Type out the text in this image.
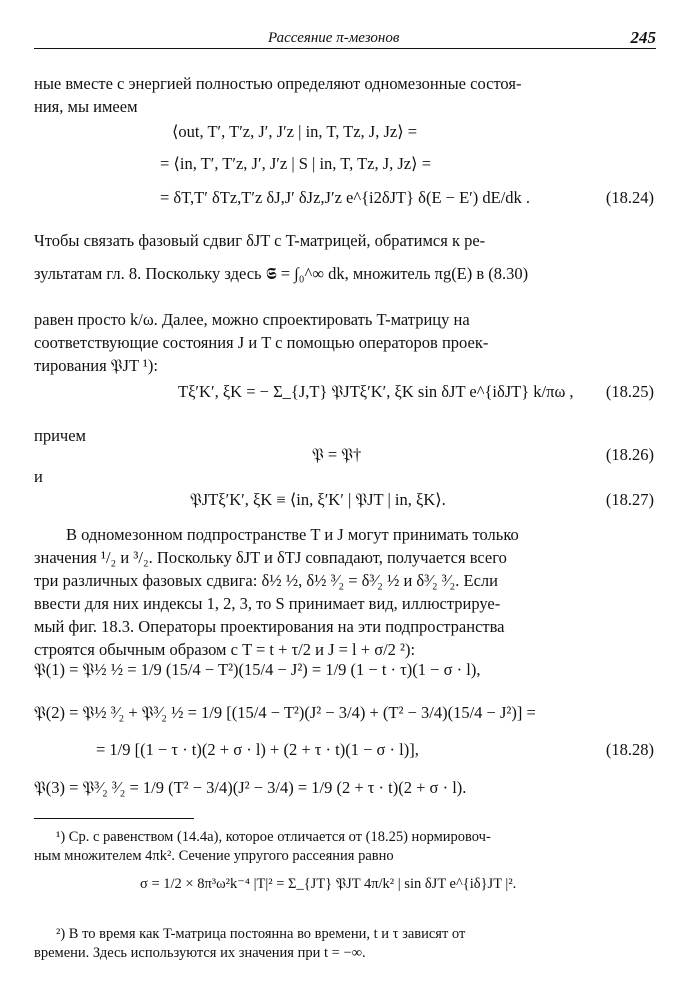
Рассеяние π-мезонов	245
ные вместе с энергией полностью определяют одномезонные состоя-
ния, мы имеем
⟨out, T′, T′z, J′, J′z | in, T, Tz, J, Jz⟩ =
= ⟨in, T′, T′z, J′, J′z | S | in, T, Tz, J, Jz⟩ =
= δT,T′ δTz,T′z δJ,J′ δJz,J′z e^{i2δJT} δ(E − E′) dE/dk .	(18.24)
Чтобы связать фазовый сдвиг δJT с T-матрицей, обратимся к ре-
зультатам гл. 8. Поскольку здесь 𝕾 = ∫₀^∞ dk, множитель πg(E) в (8.30)
равен просто k/ω. Далее, можно спроектировать T-матрицу на
соответствующие состояния J и T с помощью операторов проек-
тирования 𝔓JT ¹):
Tξ′K′, ξK = − Σ_{J,T} 𝔓JTξ′K′, ξK sin δJT e^{iδJT} k/πω , (18.25)
причем
𝔓 = 𝔓†	(18.26)
и
𝔓JTξ′K′, ξK ≡ ⟨in, ξ′K′ | 𝔓JT | in, ξK⟩.	(18.27)
В одномезонном подпространстве T и J могут принимать только
значения ¹/₂ и ³/₂. Поскольку δJT и δTJ совпадают, получается всего
три различных фазовых сдвига: δ½ ½, δ½ ³⁄₂ = δ³⁄₂ ½ и δ³⁄₂ ³⁄₂. Если
ввести для них индексы 1, 2, 3, то S принимает вид, иллюстрируе-
мый фиг. 18.3. Операторы проектирования на эти подпространства
строятся обычным образом с T = t + τ/2 и J = l + σ/2 ²):
𝔓(1) = 𝔓½ ½ = 1/9 (15/4 − T²)(15/4 − J²) = 1/9 (1 − t · τ)(1 − σ · l),
𝔓(2) = 𝔓½ ³⁄₂ + 𝔓³⁄₂ ½ = 1/9 [(15/4 − T²)(J² − 3/4) + (T² − 3/4)(15/4 − J²)] =
= 1/9 [(1 − τ · t)(2 + σ · l) + (2 + τ · t)(1 − σ · l)],	(18.28)
𝔓(3) = 𝔓³⁄₂ ³⁄₂ = 1/9 (T² − 3/4)(J² − 3/4) = 1/9 (2 + τ · t)(2 + σ · l).
¹) Ср. с равенством (14.4а), которое отличается от (18.25) нормировоч-
ным множителем 4πk². Сечение упругого рассеяния равно
σ = 1/2 × 8π³ω²k⁻⁴ |T|² = Σ_{JT} 𝔓JT 4π/k² | sin δJT e^{iδ}JT |².
²) В то время как T-матрица постоянна во времени, t и τ зависят от
времени. Здесь используются их значения при t = −∞.
